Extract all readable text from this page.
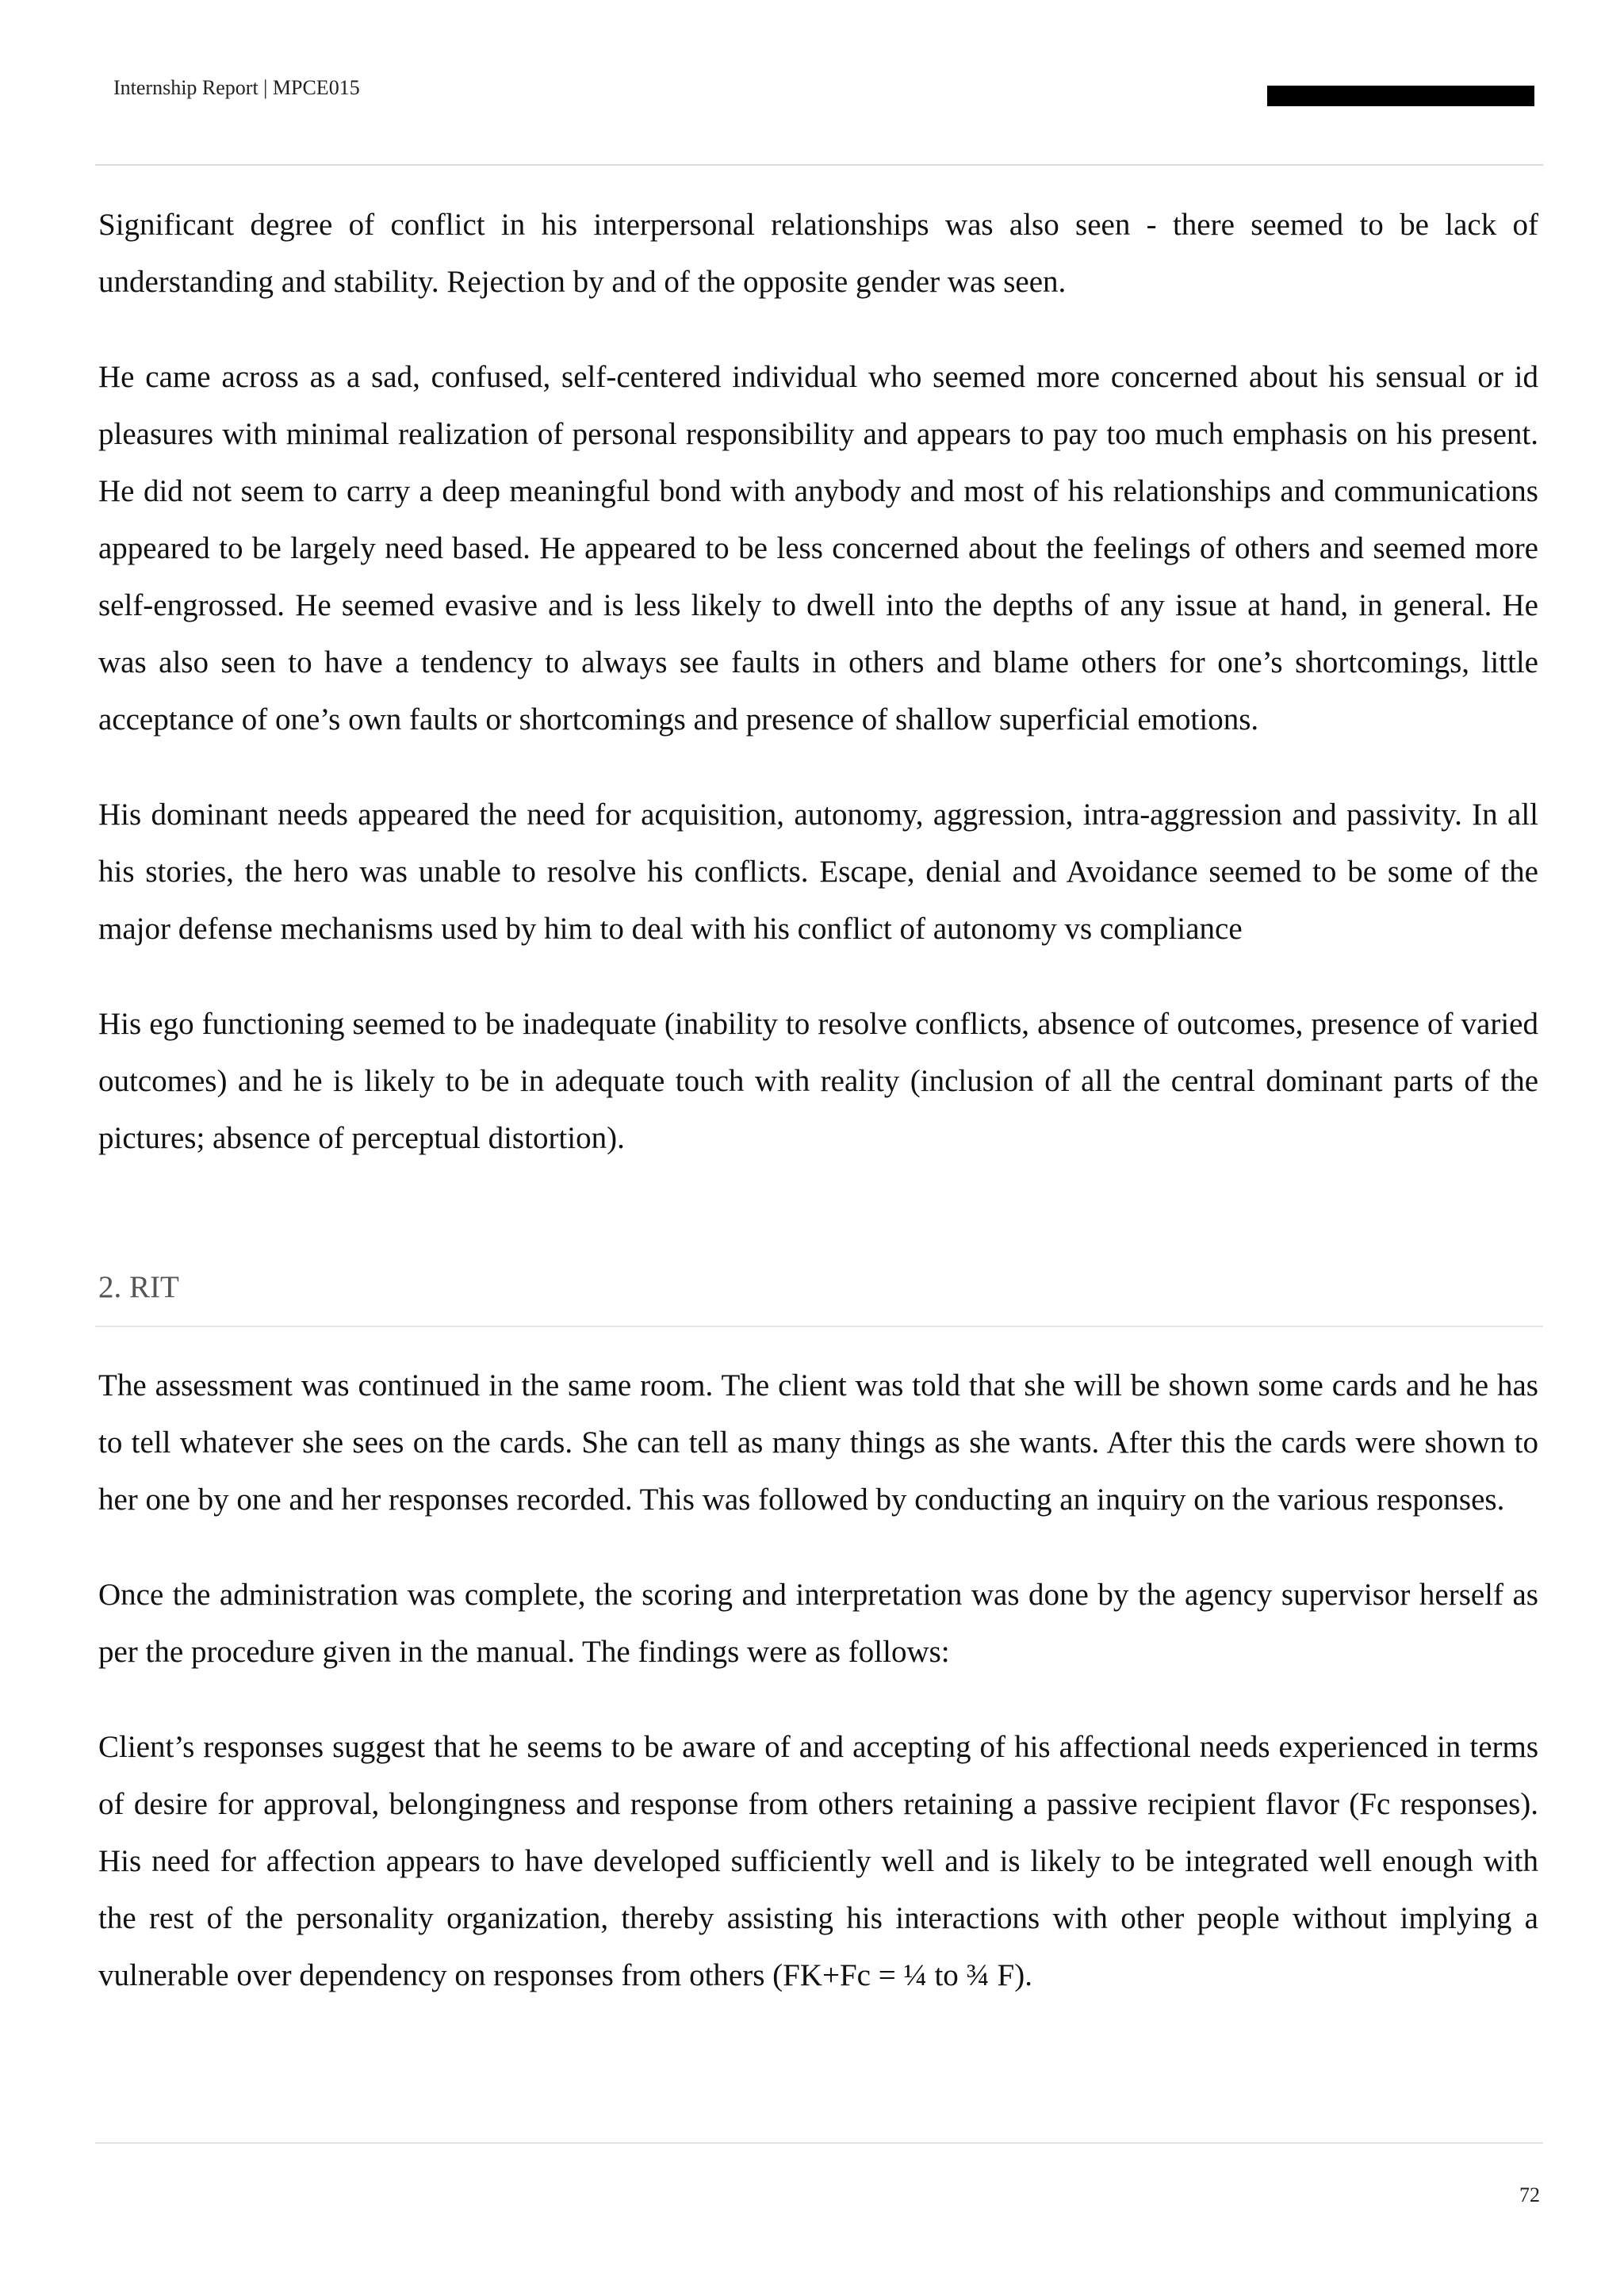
Internship Report | MPCE015

Significant degree of conflict in his interpersonal relationships was also seen - there seemed to be lack of understanding and stability. Rejection by and of the opposite gender was seen.

He came across as a sad, confused, self-centered individual who seemed more concerned about his sensual or id pleasures with minimal realization of personal responsibility and appears to pay too much emphasis on his present. He did not seem to carry a deep meaningful bond with anybody and most of his relationships and communications appeared to be largely need based. He appeared to be less concerned about the feelings of others and seemed more self-engrossed. He seemed evasive and is less likely to dwell into the depths of any issue at hand, in general. He was also seen to have a tendency to always see faults in others and blame others for one’s shortcomings, little acceptance of one’s own faults or shortcomings and presence of shallow superficial emotions.

His dominant needs appeared the need for acquisition, autonomy, aggression, intra-aggression and passivity. In all his stories, the hero was unable to resolve his conflicts. Escape, denial and Avoidance seemed to be some of the major defense mechanisms used by him to deal with his conflict of autonomy vs compliance

His ego functioning seemed to be inadequate (inability to resolve conflicts, absence of outcomes, presence of varied outcomes) and he is likely to be in adequate touch with reality (inclusion of all the central dominant parts of the pictures; absence of perceptual distortion).

2. RIT

The assessment was continued in the same room. The client was told that she will be shown some cards and he has to tell whatever she sees on the cards. She can tell as many things as she wants. After this the cards were shown to her one by one and her responses recorded. This was followed by conducting an inquiry on the various responses.

Once the administration was complete, the scoring and interpretation was done by the agency supervisor herself as per the procedure given in the manual. The findings were as follows:

Client’s responses suggest that he seems to be aware of and accepting of his affectional needs experienced in terms of desire for approval, belongingness and response from others retaining a passive recipient flavor (Fc responses). His need for affection appears to have developed sufficiently well and is likely to be integrated well enough with the rest of the personality organization, thereby assisting his interactions with other people without implying a vulnerable over dependency on responses from others (FK+Fc = ¼ to ¾ F).

72
